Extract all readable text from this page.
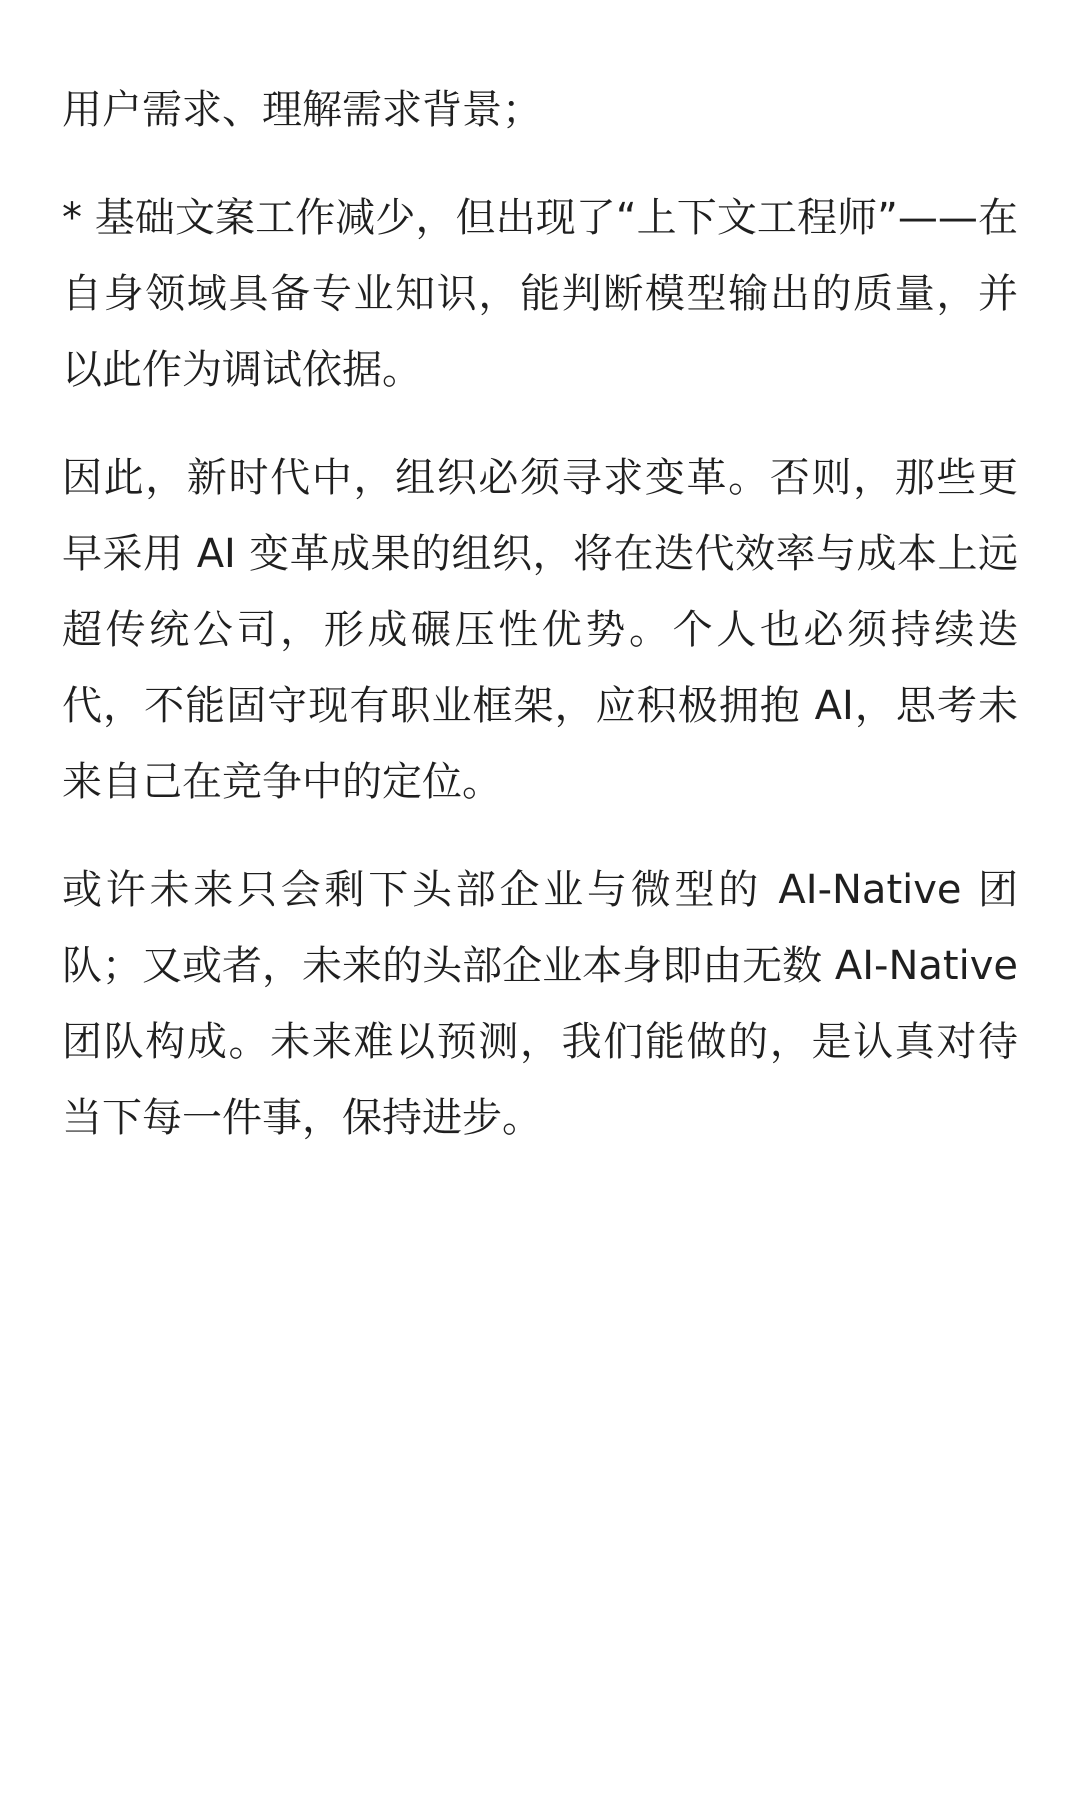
用户需求、理解需求背景；

* 基础文案工作减少，但出现了“上下文工程师”——在自身领域具备专业知识，能判断模型输出的质量，并以此作为调试依据。

因此，新时代中，组织必须寻求变革。否则，那些更早采用 AI 变革成果的组织，将在迭代效率与成本上远超传统公司，形成碾压性优势。个人也必须持续迭代，不能固守现有职业框架，应积极拥抱 AI，思考未来自己在竞争中的定位。

或许未来只会剩下头部企业与微型的 AI-Native 团队；又或者，未来的头部企业本身即由无数 AI-Native 团队构成。未来难以预测，我们能做的，是认真对待当下每一件事，保持进步。
